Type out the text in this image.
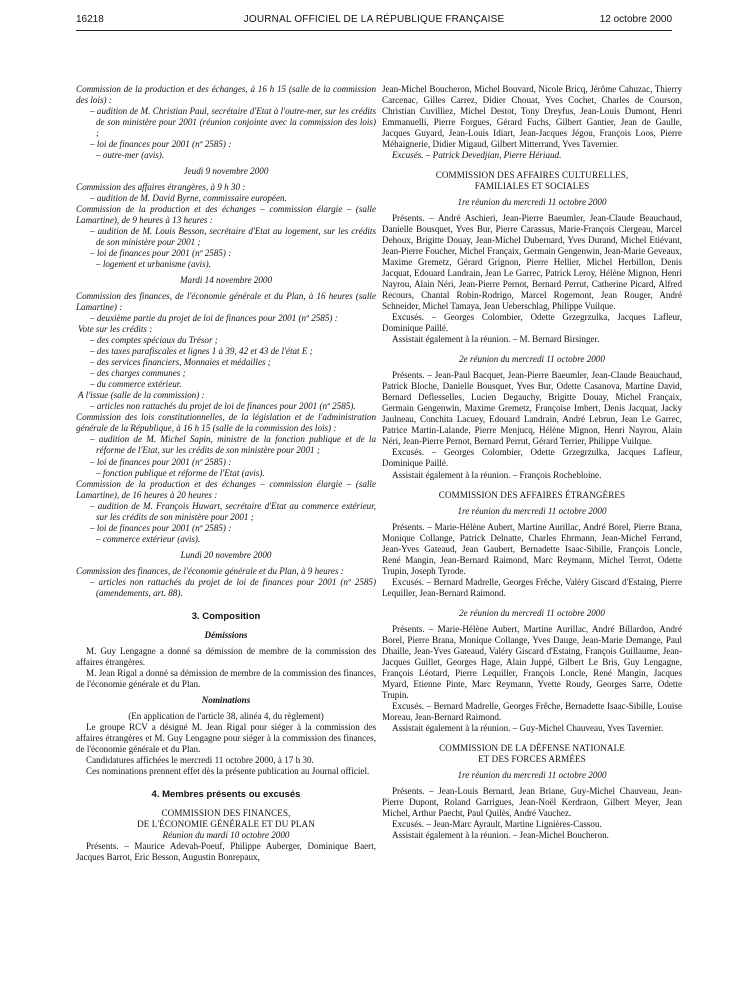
16218	JOURNAL OFFICIEL DE LA RÉPUBLIQUE FRANÇAISE	12 octobre 2000

Commission de la production et des échanges, à 16 h 15 (salle de la commission des lois) :

– audition de M. Christian Paul, secrétaire d'Etat à l'outre-mer, sur les crédits de son ministère pour 2001 (réunion conjointe avec la commission des lois) ;

– loi de finances pour 2001 (nº 2585) :

– outre-mer (avis).

Jeudi 9 novembre 2000

Commission des affaires étrangères, à 9 h 30 :

– audition de M. David Byrne, commissaire européen.

Commission de la production et des échanges – commission élargie – (salle Lamartine), de 9 heures à 13 heures :

– audition de M. Louis Besson, secrétaire d'Etat au logement, sur les crédits de son ministère pour 2001 ;

– loi de finances pour 2001 (nº 2585) :

– logement et urbanisme (avis).

Mardi 14 novembre 2000

Commission des finances, de l'économie générale et du Plan, à 16 heures (salle Lamartine) :

– deuxième partie du projet de loi de finances pour 2001 (nº 2585) :

Vote sur les crédits :

– des comptes spéciaux du Trésor ;

– des taxes parafiscales et lignes 1 à 39, 42 et 43 de l'état E ;

– des services financiers, Monnaies et médailles ;

– des charges communes ;

– du commerce extérieur.

A l'issue (salle de la commission) :

– articles non rattachés du projet de loi de finances pour 2001 (nº 2585).

Commission des lois constitutionnelles, de la législation et de l'administration générale de la République, à 16 h 15 (salle de la commission des lois) :

– audition de M. Michel Sapin, ministre de la fonction publique et de la réforme de l'Etat, sur les crédits de son ministère pour 2001 ;

– loi de finances pour 2001 (nº 2585) :

– fonction publique et réforme de l'Etat (avis).

Commission de la production et des échanges – commission élargie – (salle Lamartine), de 16 heures à 20 heures :

– audition de M. François Huwart, secrétaire d'Etat au commerce extérieur, sur les crédits de son ministère pour 2001 ;

– loi de finances pour 2001 (nº 2585) :

– commerce extérieur (avis).

Lundi 20 novembre 2000

Commission des finances, de l'économie générale et du Plan, à 9 heures :

– articles non rattachés du projet de loi de finances pour 2001 (nº 2585) (amendements, art. 88).

3. Composition

Démissions

M. Guy Lengagne a donné sa démission de membre de la commission des affaires étrangères.

M. Jean Rigal a donné sa démission de membre de la commission des finances, de l'économie générale et du Plan.

Nominations

(En application de l'article 38, alinéa 4, du règlement)

Le groupe RCV a désigné M. Jean Rigal pour siéger à la commission des affaires étrangères et M. Guy Lengagne pour siéger à la commission des finances, de l'économie générale et du Plan.

Candidatures affichées le mercredi 11 octobre 2000, à 17 h 30.

Ces nominations prennent effet dès la présente publication au Journal officiel.

4. Membres présents ou excusés

COMMISSION DES FINANCES,

DE L'ÉCONOMIE GÉNÉRALE ET DU PLAN

Réunion du mardi 10 octobre 2000

Présents. – Maurice Adevah-Poeuf, Philippe Auberger, Dominique Baert, Jacques Barrot, Eric Besson, Augustin Bonrepaux,

Jean-Michel Boucheron, Michel Bouvard, Nicole Bricq, Jérôme Cahuzac, Thierry Carcenac, Gilles Carrez, Didier Chouat, Yves Cochet, Charles de Courson, Christian Cuvilliez, Michel Destot, Tony Dreyfus, Jean-Louis Dumont, Henri Emmanuelli, Pierre Forgues, Gérard Fuchs, Gilbert Gantier, Jean de Gaulle, Jacques Guyard, Jean-Louis Idiart, Jean-Jacques Jégou, François Loos, Pierre Méhaignerie, Didier Migaud, Gilbert Mitterrand, Yves Tavernier.

Excusés. – Patrick Devedjian, Pierre Hériaud.

COMMISSION DES AFFAIRES CULTURELLES,

FAMILIALES ET SOCIALES

1re réunion du mercredi 11 octobre 2000

Présents. – André Aschieri, Jean-Pierre Baeumler, Jean-Claude Beauchaud, Danielle Bousquet, Yves Bur, Pierre Carassus, Marie-François Clergeau, Marcel Dehoux, Brigitte Douay, Jean-Michel Dubernard, Yves Durand, Michel Etiévant, Jean-Pierre Foucher, Michel Françaix, Germain Gengenwin, Jean-Marie Geveaux, Maxime Gremetz, Gérard Grignon, Pierre Hellier, Michel Herbillon, Denis Jacquat, Edouard Landrain, Jean Le Garrec, Patrick Leroy, Hélène Mignon, Henri Nayrou, Alain Néri, Jean-Pierre Pernot, Bernard Perrut, Catherine Picard, Alfred Recours, Chantal Robin-Rodrigo, Marcel Rogemont, Jean Rouger, André Schneider, Michel Tamaya, Jean Ueberschlag, Philippe Vuilque.

Excusés. – Georges Colombier, Odette Grzegrzulka, Jacques Lafleur, Dominique Paillé.

Assistait également à la réunion. – M. Bernard Birsinger.

2e réunion du mercredi 11 octobre 2000

Présents. – Jean-Paul Bacquet, Jean-Pierre Baeumler, Jean-Claude Beauchaud, Patrick Bloche, Danielle Bousquet, Yves Bur, Odette Casanova, Martine David, Bernard Deflesselles, Lucien Degauchy, Brigitte Douay, Michel Françaix, Germain Gengenwin, Maxime Gremetz, Françoise Imbert, Denis Jacquat, Jacky Jaulneau, Conchita Lacuey, Edouard Landrain, André Lebrun, Jean Le Garrec, Patrice Martin-Lalande, Pierre Menjucq, Hélène Mignon, Henri Nayrou, Alain Néri, Jean-Pierre Pernot, Bernard Perrut, Gérard Terrier, Philippe Vuilque.

Excusés. – Georges Colombier, Odette Grzegrzulka, Jacques Lafleur, Dominique Paillé.

Assistait également à la réunion. – François Rochebloine.

COMMISSION DES AFFAIRES ÉTRANGÈRES

1re réunion du mercredi 11 octobre 2000

Présents. – Marie-Hélène Aubert, Martine Aurillac, André Borel, Pierre Brana, Monique Collange, Patrick Delnatte, Charles Ehrmann, Jean-Michel Ferrand, Jean-Yves Gateaud, Jean Gaubert, Bernadette Isaac-Sibille, François Loncle, René Mangin, Jean-Bernard Raimond, Marc Reymann, Michel Terrot, Odette Trupin, Joseph Tyrode.

Excusés. – Bernard Madrelle, Georges Frêche, Valéry Giscard d'Estaing, Pierre Lequiller, Jean-Bernard Raimond.

2e réunion du mercredi 11 octobre 2000

Présents. – Marie-Hélène Aubert, Martine Aurillac, André Billardon, André Borel, Pierre Brana, Monique Collange, Yves Dauge, Jean-Marie Demange, Paul Dhaille, Jean-Yves Gateaud, Valéry Giscard d'Estaing, François Guillaume, Jean-Jacques Guillet, Georges Hage, Alain Juppé, Gilbert Le Bris, Guy Lengagne, François Léotard, Pierre Lequiller, François Loncle, René Mangin, Jacques Myard, Etienne Pinte, Marc Reymann, Yvette Roudy, Georges Sarre, Odette Trupin.

Excusés. – Bernard Madrelle, Georges Frêche, Bernadette Isaac-Sibille, Louise Moreau, Jean-Bernard Raimond.

Assistait également à la réunion. – Guy-Michel Chauveau, Yves Tavernier.

COMMISSION DE LA DÉFENSE NATIONALE

ET DES FORCES ARMÉES

1re réunion du mercredi 11 octobre 2000

Présents. – Jean-Louis Bernard, Jean Briane, Guy-Michel Chauveau, Jean-Pierre Dupont, Roland Garrigues, Jean-Noël Kerdraon, Gilbert Meyer, Jean Michel, Arthur Paecht, Paul Quilès, André Vauchez.

Excusés. – Jean-Marc Ayrault, Martine Lignières-Cassou.

Assistait également à la réunion. – Jean-Michel Boucheron.
